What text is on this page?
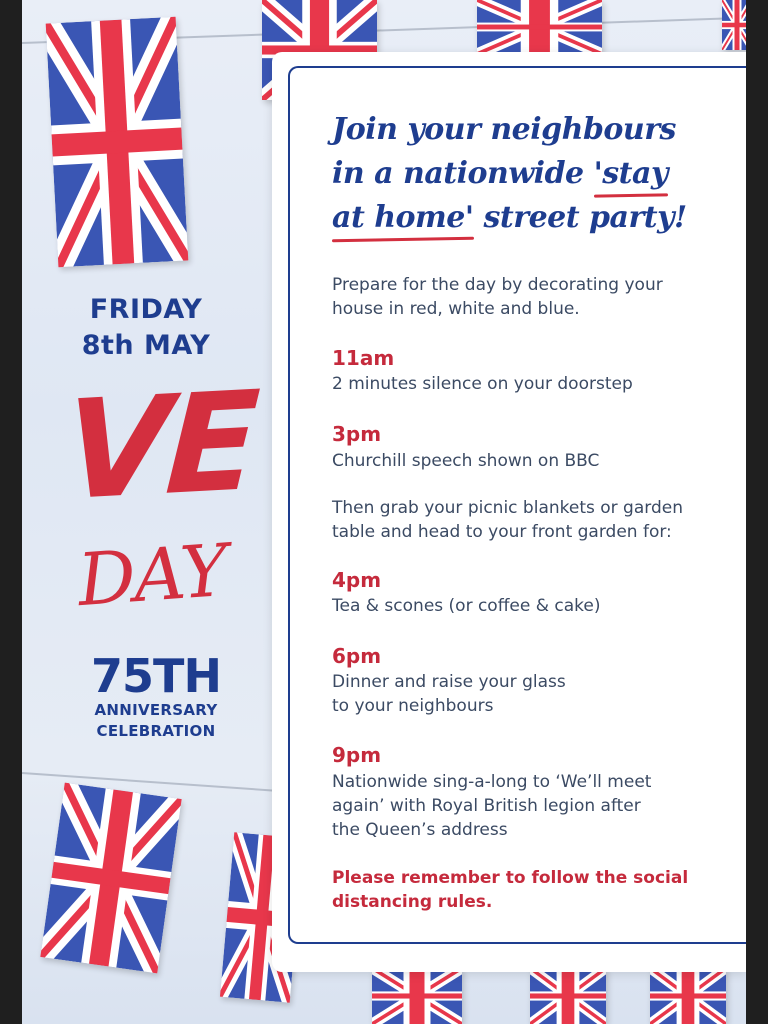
FRIDAY
8th MAY
VE
DAY
75TH
ANNIVERSARY
CELEBRATION
Join your neighbours
in a nationwide 'stay
at home' street party!
Prepare for the day by decorating your
house in red, white and blue.
11am
2 minutes silence on your doorstep
3pm
Churchill speech shown on BBC
Then grab your picnic blankets or garden
table and head to your front garden for:
4pm
Tea & scones (or coffee & cake)
6pm
Dinner and raise your glass
to your neighbours
9pm
Nationwide sing-a-long to ‘We’ll meet
again’ with Royal British legion after
the Queen’s address
Please remember to follow the social
distancing rules.
